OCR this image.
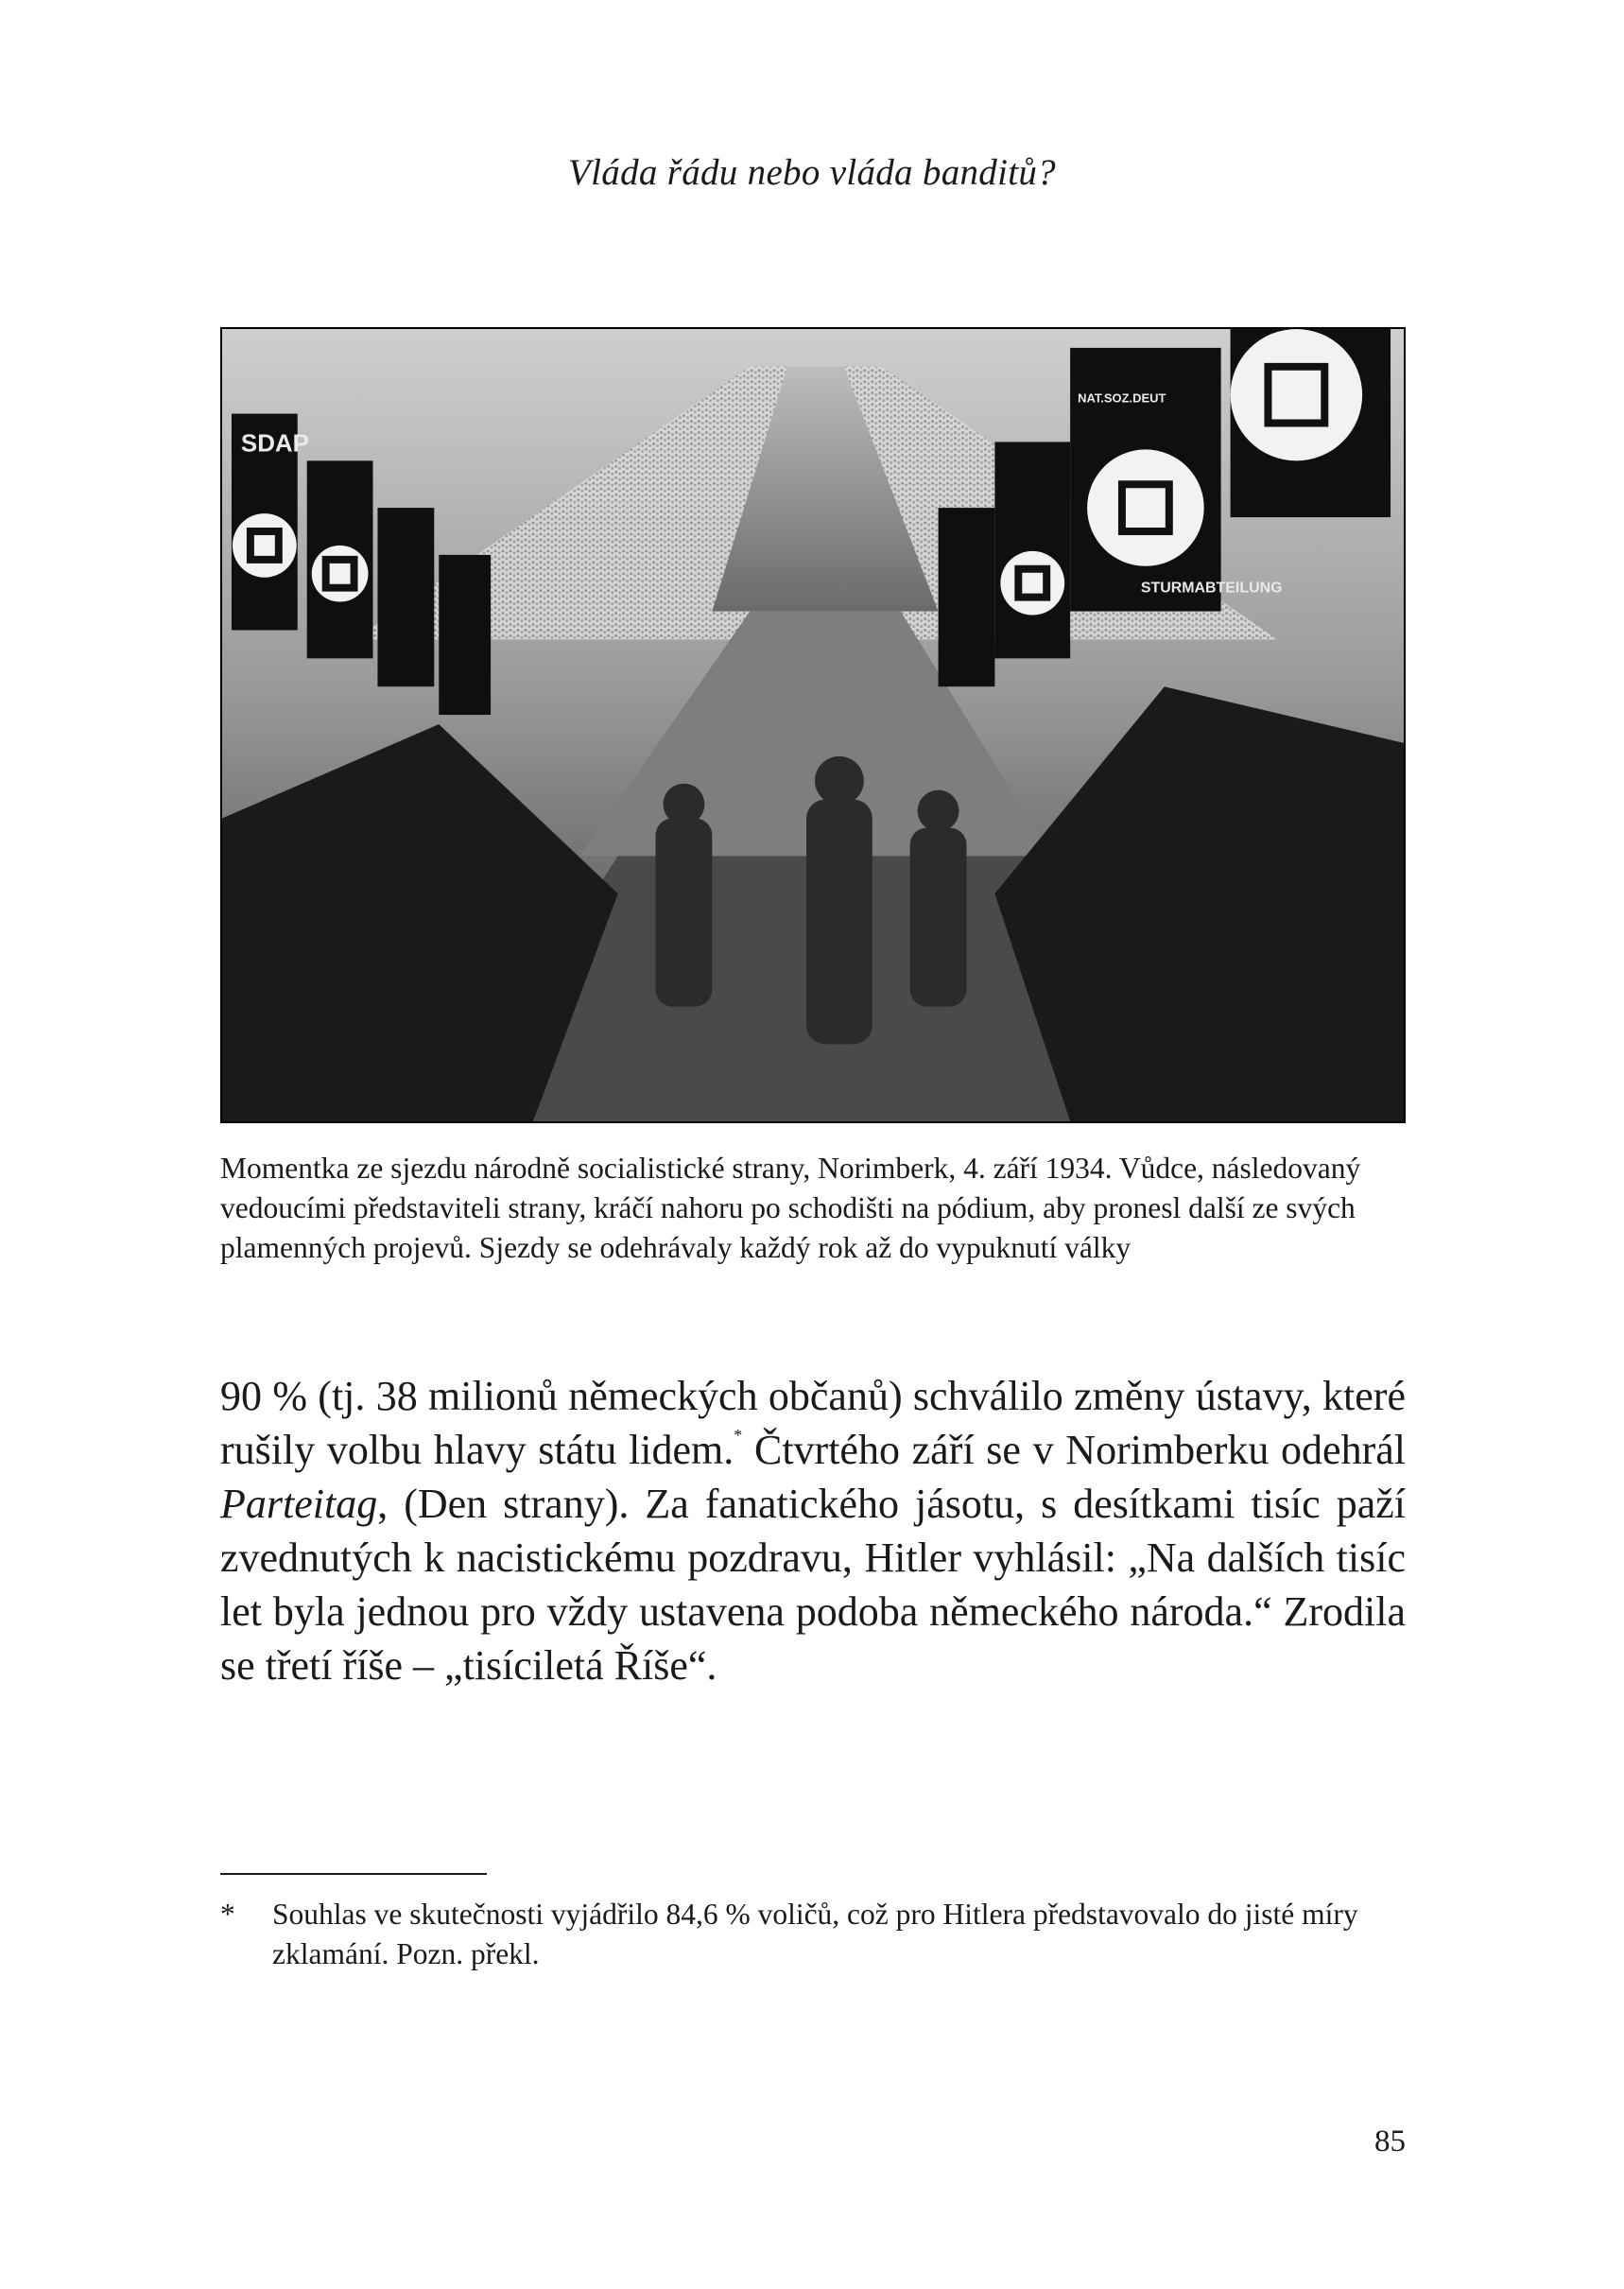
Vláda řádu nebo vláda banditů?
SDAP
STURMABTEILUNG
NAT.SOZ.DEUT
Momentka ze sjezdu národně socialistické strany, Norimberk, 4. září 1934. Vůdce, následovaný vedoucími představiteli strany, kráčí nahoru po schodišti na pódium, aby pronesl další ze svých plamenných projevů. Sjezdy se odehrávaly každý rok až do vypuknutí války

90 % (tj. 38 milionů německých občanů) schválilo změny ústavy, které rušily volbu hlavy státu lidem.* Čtvrtého září se v Norimberku odehrál Parteitag, (Den strany). Za fanatického jásotu, s desítkami tisíc paží zvednutých k nacistickému pozdravu, Hitler vyhlásil: „Na dalších tisíc let byla jednou pro vždy ustavena podoba německého národa.“ Zrodila se třetí říše – „tisíciletá Říše“.

* Souhlas ve skutečnosti vyjádřilo 84,6 % voličů, což pro Hitlera představovalo do jisté míry zklamání. Pozn. překl.
85
